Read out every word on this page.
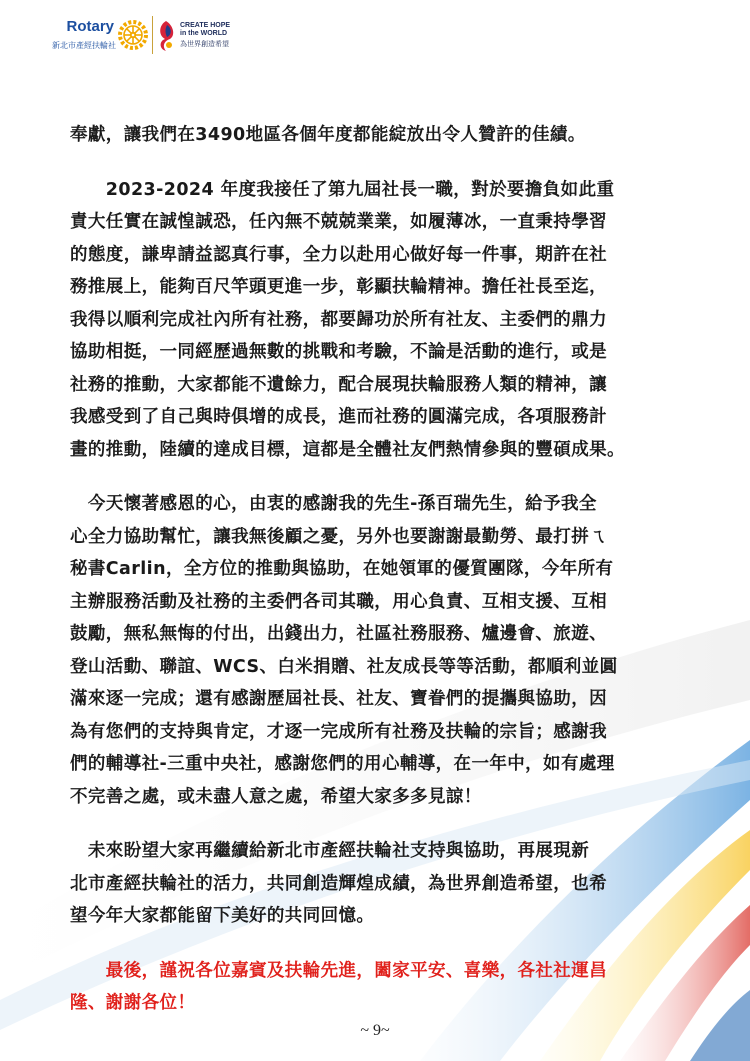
Rotary
新北市產經扶輪社
CREATE HOPE
in the WORLD
為世界創造希望
奉獻，讓我們在3490地區各個年度都能綻放出令人贊許的佳績。
　　2023-2024 年度我接任了第九屆社長一職，對於要擔負如此重
責大任實在誠惶誠恐，任內無不兢兢業業，如履薄冰，一直秉持學習
的態度，謙卑請益認真行事，全力以赴用心做好每一件事，期許在社
務推展上，能夠百尺竿頭更進一步，彰顯扶輪精神。擔任社長至迄，
我得以順利完成社內所有社務，都要歸功於所有社友、主委們的鼎力
協助相挺，一同經歷過無數的挑戰和考驗，不論是活動的進行，或是
社務的推動，大家都能不遺餘力，配合展現扶輪服務人類的精神，讓
我感受到了自己與時俱增的成長，進而社務的圓滿完成，各項服務計
畫的推動，陸續的達成目標，這都是全體社友們熱情參與的豐碩成果。
　今天懷著感恩的心，由衷的感謝我的先生-孫百瑞先生，給予我全
心全力協助幫忙，讓我無後顧之憂，另外也要謝謝最勤勞、最打拼ㄟ
秘書Carlin，全方位的推動與協助，在她領軍的優質團隊，今年所有
主辦服務活動及社務的主委們各司其職，用心負責、互相支援、互相
鼓勵，無私無悔的付出，出錢出力，社區社務服務、爐邊會、旅遊、
登山活動、聯誼、WCS、白米捐贈、社友成長等等活動，都順利並圓
滿來逐一完成；還有感謝歷屆社長、社友、寶眷們的提攜與協助，因
為有您們的支持與肯定，才逐一完成所有社務及扶輪的宗旨；感謝我
們的輔導社-三重中央社，感謝您們的用心輔導，在一年中，如有處理
不完善之處，或未盡人意之處，希望大家多多見諒！
　未來盼望大家再繼續給新北市產經扶輪社支持與協助，再展現新
北市產經扶輪社的活力，共同創造輝煌成績，為世界創造希望，也希
望今年大家都能留下美好的共同回憶。
　　最後，謹祝各位嘉賓及扶輪先進，闔家平安、喜樂，各社社運昌
隆、謝謝各位！
~ 9~
